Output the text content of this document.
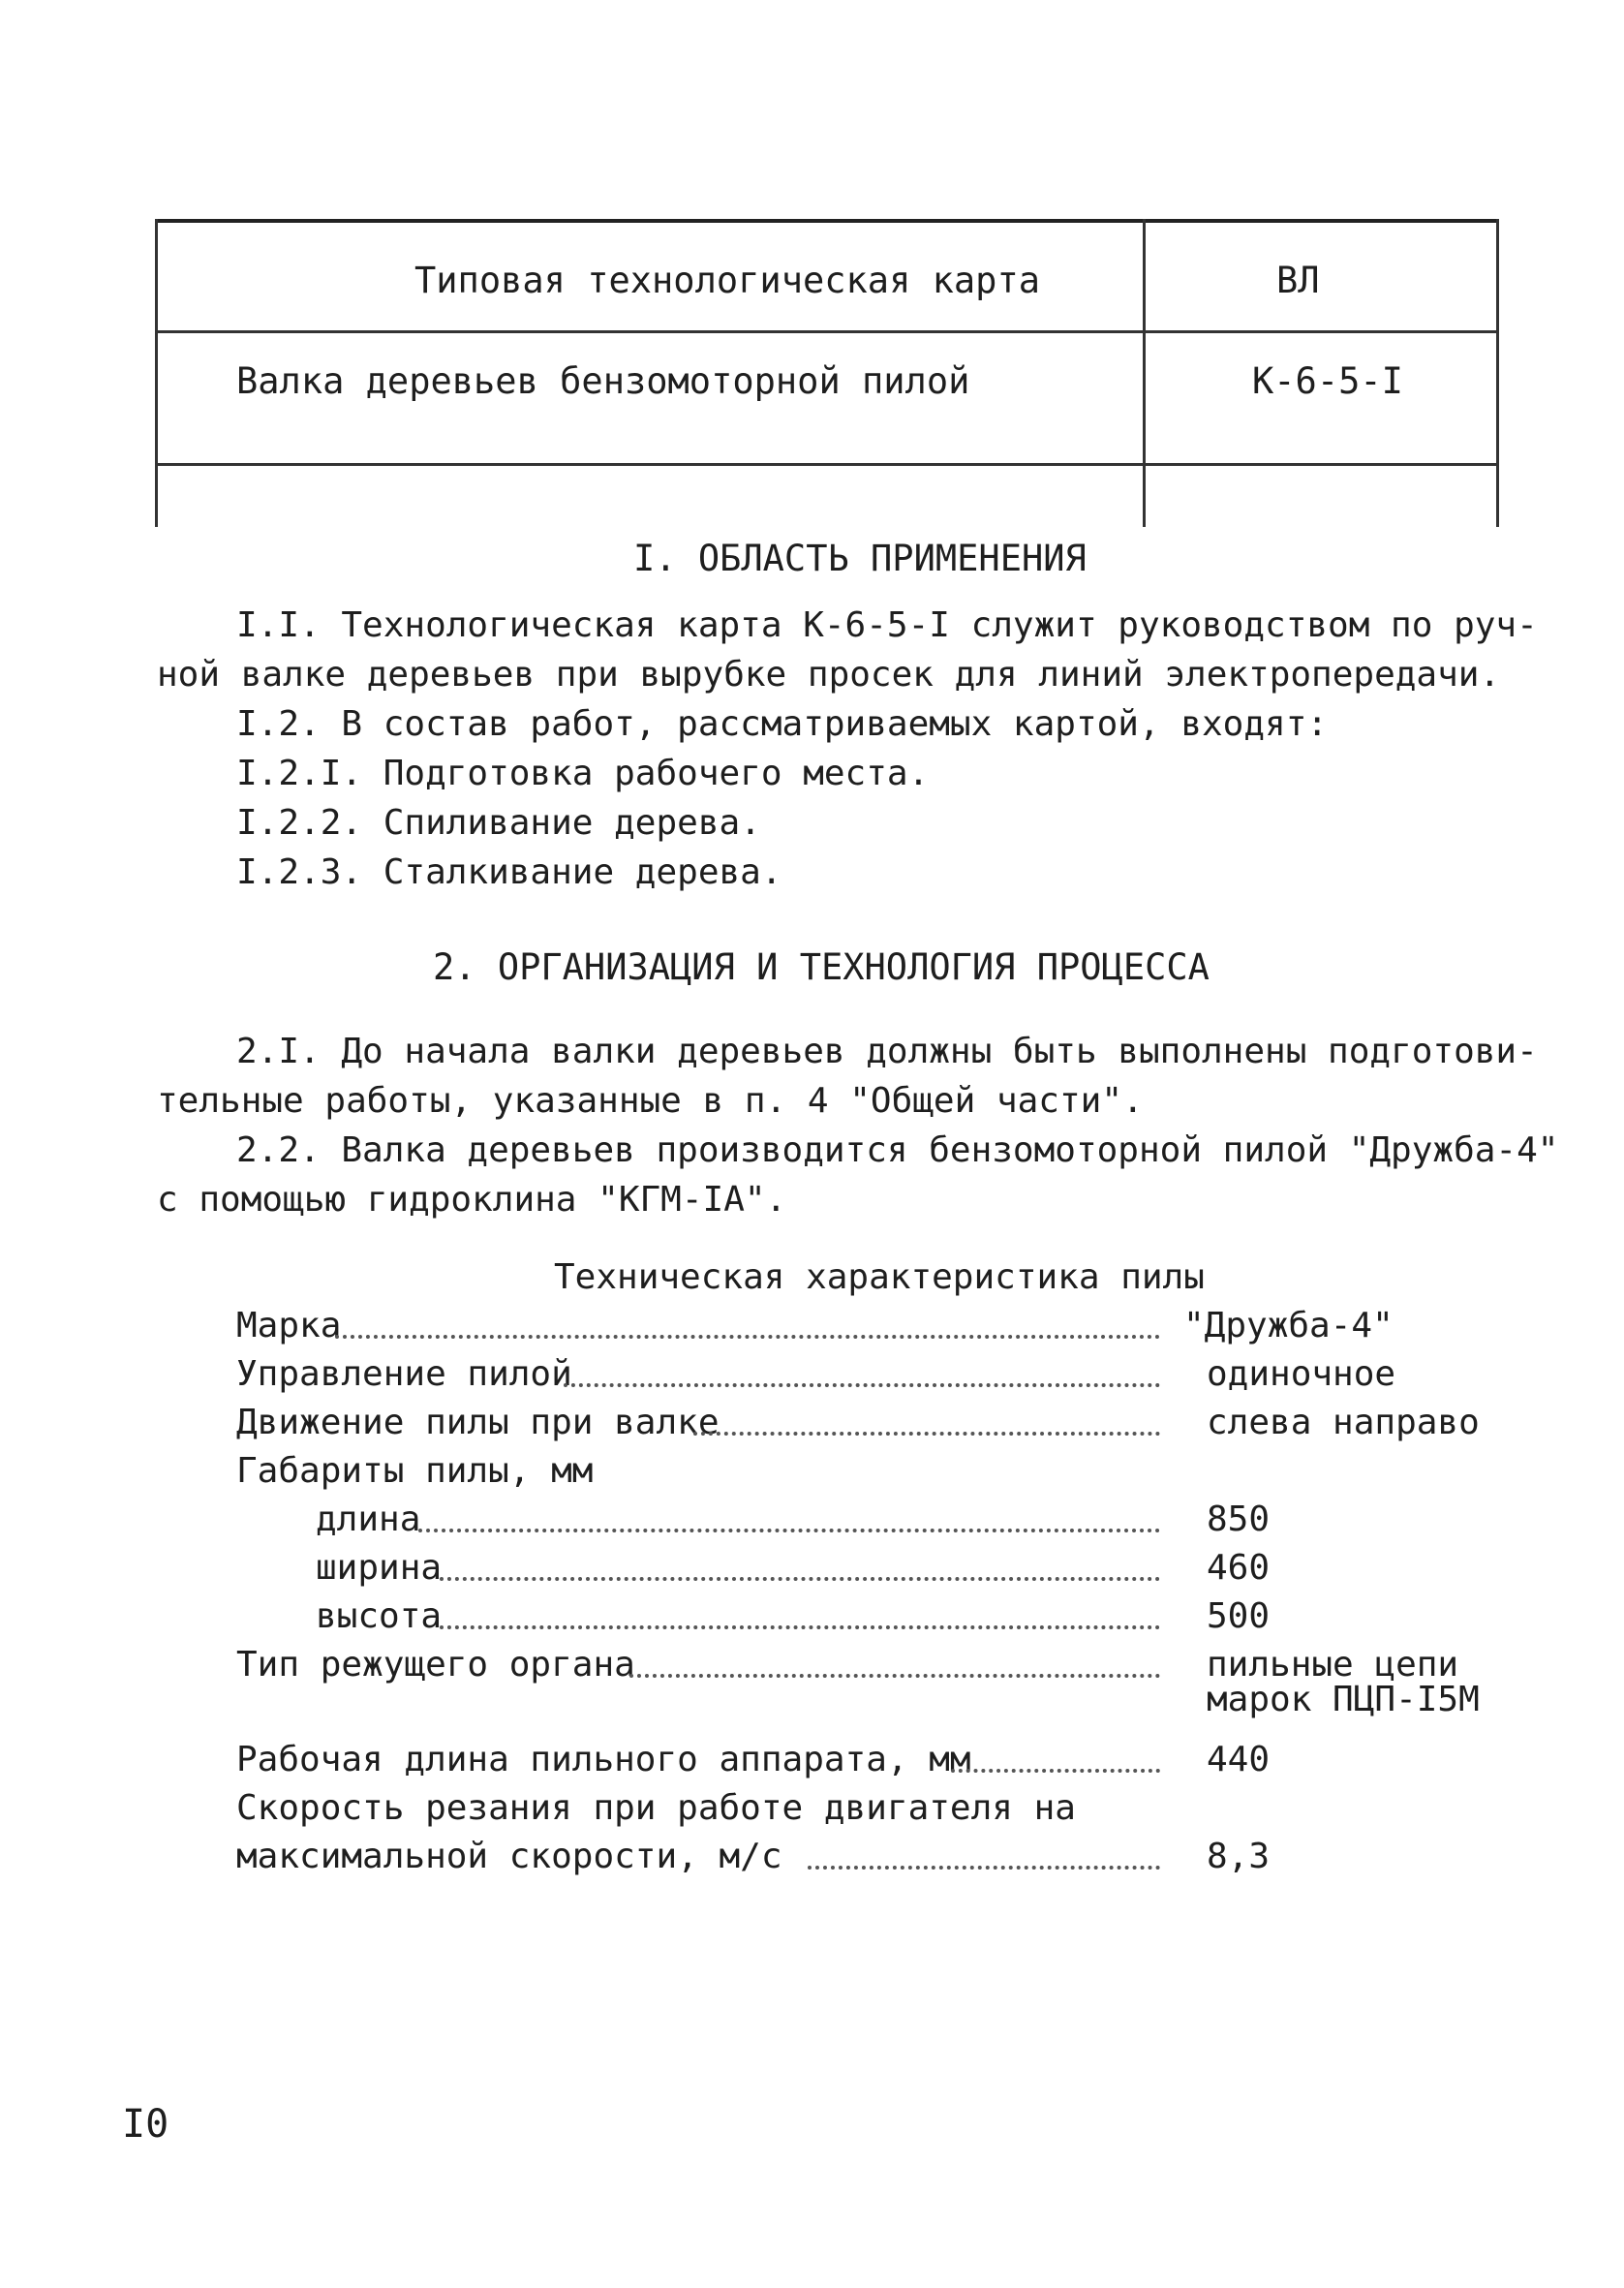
Типовая технологическая карта	ВЛ
Валка деревьев бензомоторной пилой	К-6-5-I
I. ОБЛАСТЬ ПРИМЕНЕНИЯ
I.I. Технологическая карта К-6-5-I служит руководством по руч-
ной валке деревьев при вырубке просек для линий электропередачи.
I.2. В состав работ, рассматриваемых картой, входят:
I.2.I. Подготовка рабочего места.
I.2.2. Спиливание дерева.
I.2.3. Сталкивание дерева.
2. ОРГАНИЗАЦИЯ И ТЕХНОЛОГИЯ ПРОЦЕССА
2.I. До начала валки деревьев должны быть выполнены подготови-
тельные работы, указанные в п. 4 "Общей части".
2.2. Валка деревьев производится бензомоторной пилой "Дружба-4"
с помощью гидроклина "КГМ-IА".
Техническая характеристика пилы
Марка	"Дружба-4"
Управление пилой	одиночное
Движение пилы при валке	слева направо
Габариты пилы, мм
длина	850
ширина	460
высота	500
Тип режущего органа	пильные цепи
марок ПЦП-I5М
Рабочая длина пильного аппарата, мм	440
Скорость резания при работе двигателя на
максимальной скорости, м/с	8,3
I0
